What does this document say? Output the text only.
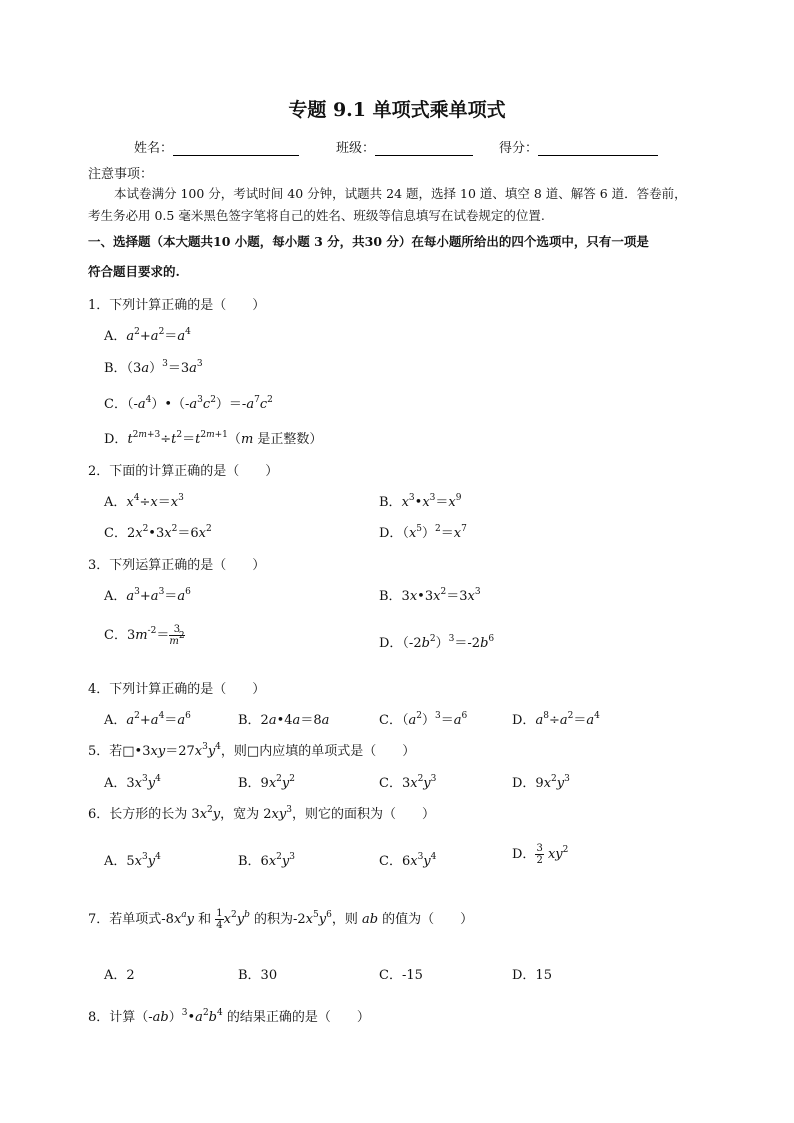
专题 9.1 单项式乘单项式
姓名：	班级：	得分：
注意事项：
本试卷满分 100 分，考试时间 40 分钟，试题共 24 题，选择 10 道、填空 8 道、解答 6 道．答卷前，
考生务必用 0.5 毫米黑色签字笔将自己的姓名、班级等信息填写在试卷规定的位置.
一、选择题（本大题共10 小题，每小题 3 分，共30 分）在每小题所给出的四个选项中，只有一项是
符合题目要求的.
1．下列计算正确的是（　　）
A．$a^2+a^2=a^4$
B．$(3a)^3=3a^3$
C．$(-a^4)•(-a^3c^2)=-a^7c^2$
D．$t^{2m+3}\div t^2=t^{2m+1}(m$ 是正整数）
2．下面的计算正确的是（　　）
A．$x^4\div x=x^3$	B．$x^3•x^3=x^9$
C．$2x^2•3x^2=6x^2$	D．$(x^5)^2=x^7$
3．下列运算正确的是（　　）
A．$a^3+a^3=a^6$	B．$3x•3x^2=3x^3$
C．$3m^{-2}= \frac{3}{m^2}$	D．$(-2b^2)^3=-2b^6$
4．下列计算正确的是（　　）
A．$a^2+a^4=a^6$	B．2a•4a＝8a	C．$(a^2)^3=a^6$	D．$a^8\div a^2=a^4$
5．若$□•3xy=27x^3y^4$，则□内应填的单项式是（　　）
A．$3x^3y^4$	B．$9x^2y^2$	C．$3x^2y^3$	D．$9x^2y^3$
6．长方形的长为 $3x^2y$，宽为 $2xy^3$，则它的面积为（　　）
A．$5x^3y^4$	B．$6x^2y^3$	C．$6x^3y^4$	D． $\frac{3}{2} xy^2$
7．若单项式$-8x^ay$ 和 $\frac{1}{4} x^2y^b$ 的积为$-2x^5y^6$，则 ab 的值为（　　）
A．2	B．30	C．-15	D．15
8．计算$(-ab)^3•a^2b^4$ 的结果正确的是（　　）
